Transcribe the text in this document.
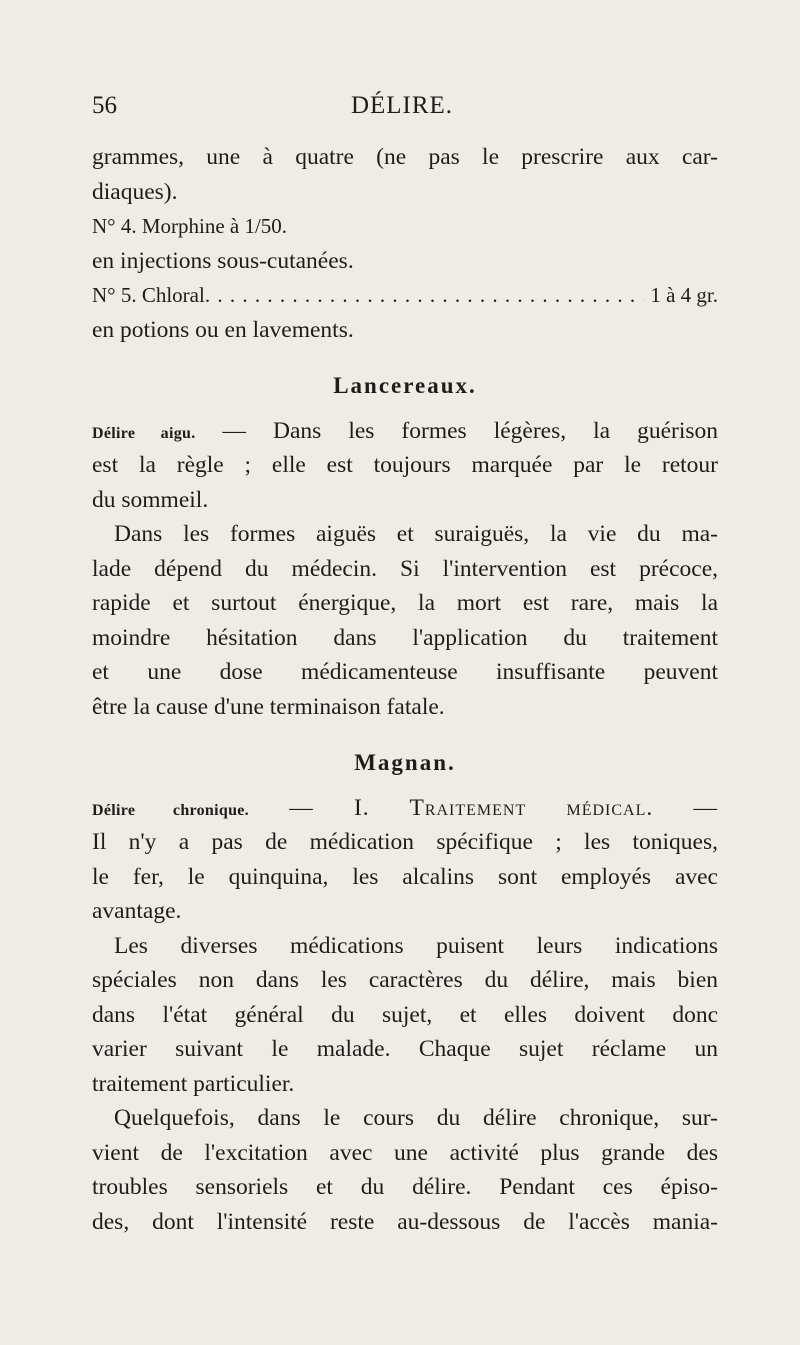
56	DÉLIRE.
grammes, une à quatre (ne pas le prescrire aux car-
diaques).
N° 4. Morphine à 1/50.
en injections sous-cutanées.
N° 5. Chloral
. . .	1 à 4 gr.
en potions ou en lavements.
Lancereaux.
Délire aigu. — Dans les formes légères, la guérison
est la règle ; elle est toujours marquée par le retour
du sommeil.
Dans les formes aiguës et suraiguës, la vie du ma-
lade dépend du médecin. Si l'intervention est précoce,
rapide et surtout énergique, la mort est rare, mais la
moindre hésitation dans l'application du traitement
et une dose médicamenteuse insuffisante peuvent
être la cause d'une terminaison fatale.
Magnan.
Délire chronique. — I. Traitement médical. —
Il n'y a pas de médication spécifique ; les toniques,
le fer, le quinquina, les alcalins sont employés avec
avantage.
Les diverses médications puisent leurs indications
spéciales non dans les caractères du délire, mais bien
dans l'état général du sujet, et elles doivent donc
varier suivant le malade. Chaque sujet réclame un
traitement particulier.
Quelquefois, dans le cours du délire chronique, sur-
vient de l'excitation avec une activité plus grande des
troubles sensoriels et du délire. Pendant ces épiso-
des, dont l'intensité reste au-dessous de l'accès mania-
